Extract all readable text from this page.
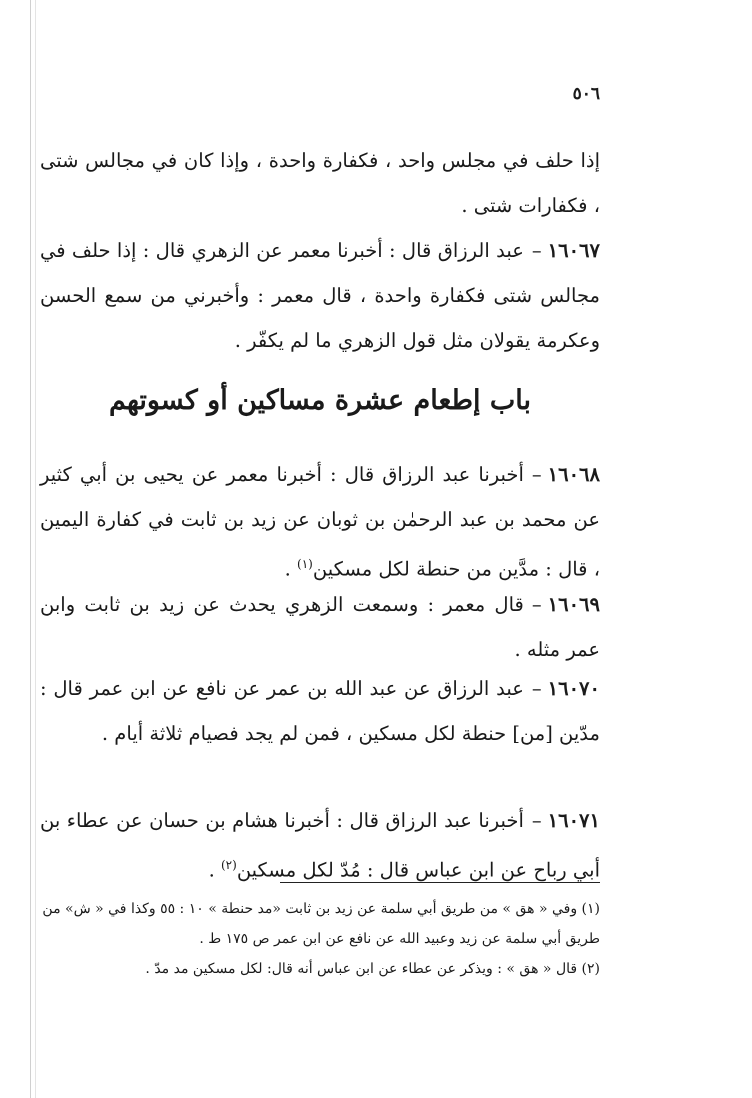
٥٠٦

إذا حلف في مجلس واحد ، فكفارة واحدة ، وإذا كان في مجالس شتى ، فكفارات شتى .

١٦٠٦٧–عبد الرزاق قال : أخبرنا معمر عن الزهري قال : إذا حلف في مجالس شتى فكفارة واحدة ، قال معمر : وأخبرني من سمع الحسن وعكرمة يقولان مثل قول الزهري ما لم يكفّر .

باب إطعام عشرة مساكين أو كسوتهم

١٦٠٦٨–أخبرنا عبد الرزاق قال : أخبرنا معمر عن يحيى بن أبي كثير عن محمد بن عبد الرحمٰن بن ثوبان عن زيد بن ثابت في كفارة اليمين ، قال : مدَّين من حنطة لكل مسكين$^{(١)}$ .

١٦٠٦٩–قال معمر : وسمعت الزهري يحدث عن زيد بن ثابت وابن عمر مثله .

١٦٠٧٠–عبد الرزاق عن عبد الله بن عمر عن نافع عن ابن عمر قال : مدّين [من] حنطة لكل مسكين ، فمن لم يجد فصيام ثلاثة أيام .

١٦٠٧١–أخبرنا عبد الرزاق قال : أخبرنا هشام بن حسان عن عطاء بن أبي رباح عن ابن عباس قال : مُدّ لكل مسكين$^{(٢)}$ .

(١) وفي « هق » من طريق أبي سلمة عن زيد بن ثابت «مد حنطة » ١٠ : ٥٥ وكذا في « ش» من طريق أبي سلمة عن زيد وعبيد الله عن نافع عن ابن عمر ص ١٧٥ ط .

(٢) قال « هق » : ويذكر عن عطاء عن ابن عباس أنه قال: لكل مسكين مد مدّ .
